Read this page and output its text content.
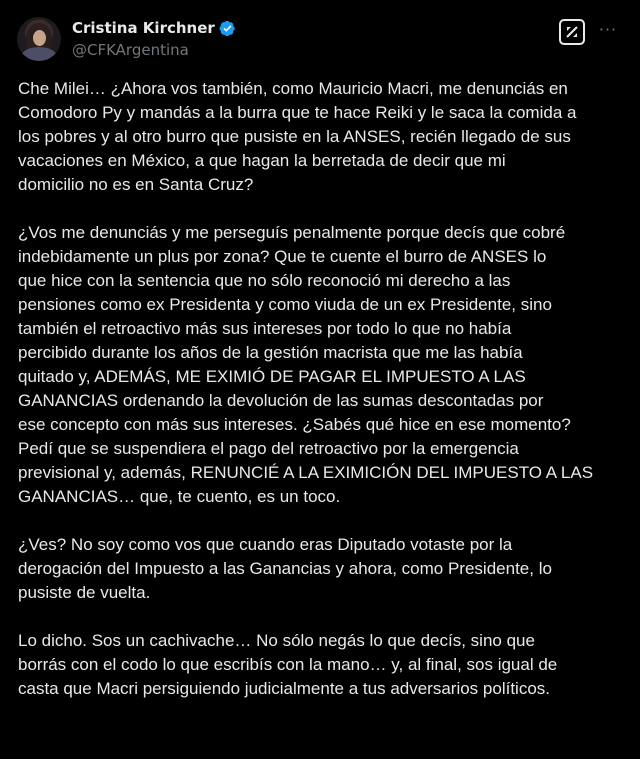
Cristina Kirchner
@CFKArgentina
···

Che Milei… ¿Ahora vos también, como Mauricio Macri, me denunciás en
Comodoro Py y mandás a la burra que te hace Reiki y le saca la comida a
los pobres y al otro burro que pusiste en la ANSES, recién llegado de sus
vacaciones en México, a que hagan la berretada de decir que mi
domicilio no es en Santa Cruz?

¿Vos me denunciás y me perseguís penalmente porque decís que cobré
indebidamente un plus por zona? Que te cuente el burro de ANSES lo
que hice con la sentencia que no sólo reconoció mi derecho a las
pensiones como ex Presidenta y como viuda de un ex Presidente, sino
también el retroactivo más sus intereses por todo lo que no había
percibido durante los años de la gestión macrista que me las había
quitado y, ADEMÁS, ME EXIMIÓ DE PAGAR EL IMPUESTO A LAS
GANANCIAS ordenando la devolución de las sumas descontadas por
ese concepto con más sus intereses. ¿Sabés qué hice en ese momento?
Pedí que se suspendiera el pago del retroactivo por la emergencia
previsional y, además, RENUNCIÉ A LA EXIMICIÓN DEL IMPUESTO A LAS
GANANCIAS… que, te cuento, es un toco.

¿Ves? No soy como vos que cuando eras Diputado votaste por la
derogación del Impuesto a las Ganancias y ahora, como Presidente, lo
pusiste de vuelta.

Lo dicho. Sos un cachivache… No sólo negás lo que decís, sino que
borrás con el codo lo que escribís con la mano… y, al final, sos igual de
casta que Macri persiguiendo judicialmente a tus adversarios políticos.
